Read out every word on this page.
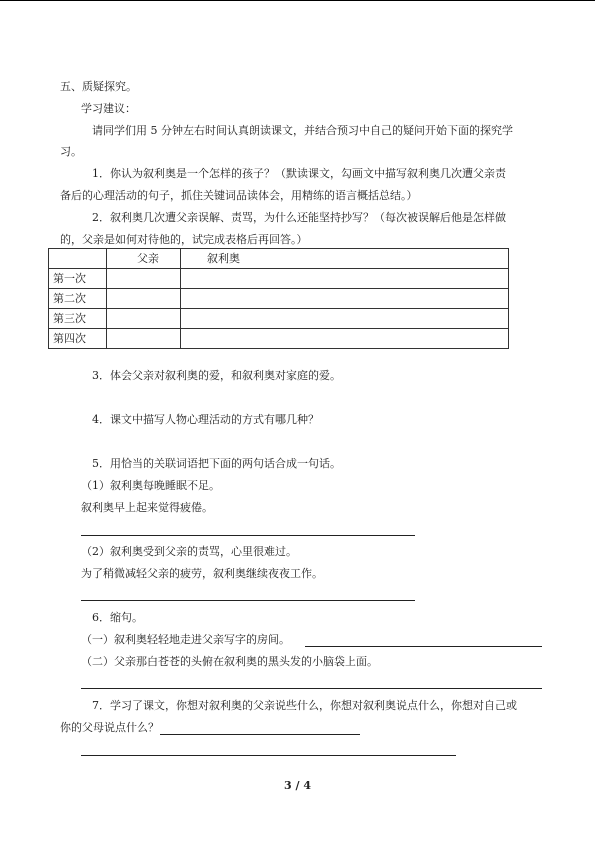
五、质疑探究。
学习建议：
请同学们用 5 分钟左右时间认真朗读课文，并结合预习中自己的疑问开始下面的探究学
习。
1．你认为叙利奥是一个怎样的孩子？（默读课文，勾画文中描写叙利奥几次遭父亲责
备后的心理活动的句子，抓住关键词品读体会，用精练的语言概括总结。）
2．叙利奥几次遭父亲误解、责骂，为什么还能坚持抄写？（每次被误解后他是怎样做
的，父亲是如何对待他的，试完成表格后再回答。）
	父亲	叙利奥
第一次		
第二次		
第三次		
第四次		
3．体会父亲对叙利奥的爱，和叙利奥对家庭的爱。
4．课文中描写人物心理活动的方式有哪几种？
5．用恰当的关联词语把下面的两句话合成一句话。
（1）叙利奥每晚睡眠不足。
叙利奥早上起来觉得疲倦。
（2）叙利奥受到父亲的责骂，心里很难过。
为了稍微减轻父亲的疲劳，叙利奥继续夜夜工作。
6．缩句。
（一）叙利奥轻轻地走进父亲写字的房间。
（二）父亲那白苍苍的头俯在叙利奥的黑头发的小脑袋上面。
7．学习了课文，你想对叙利奥的父亲说些什么，你想对叙利奥说点什么，你想对自己或
你的父母说点什么？
3 / 4
